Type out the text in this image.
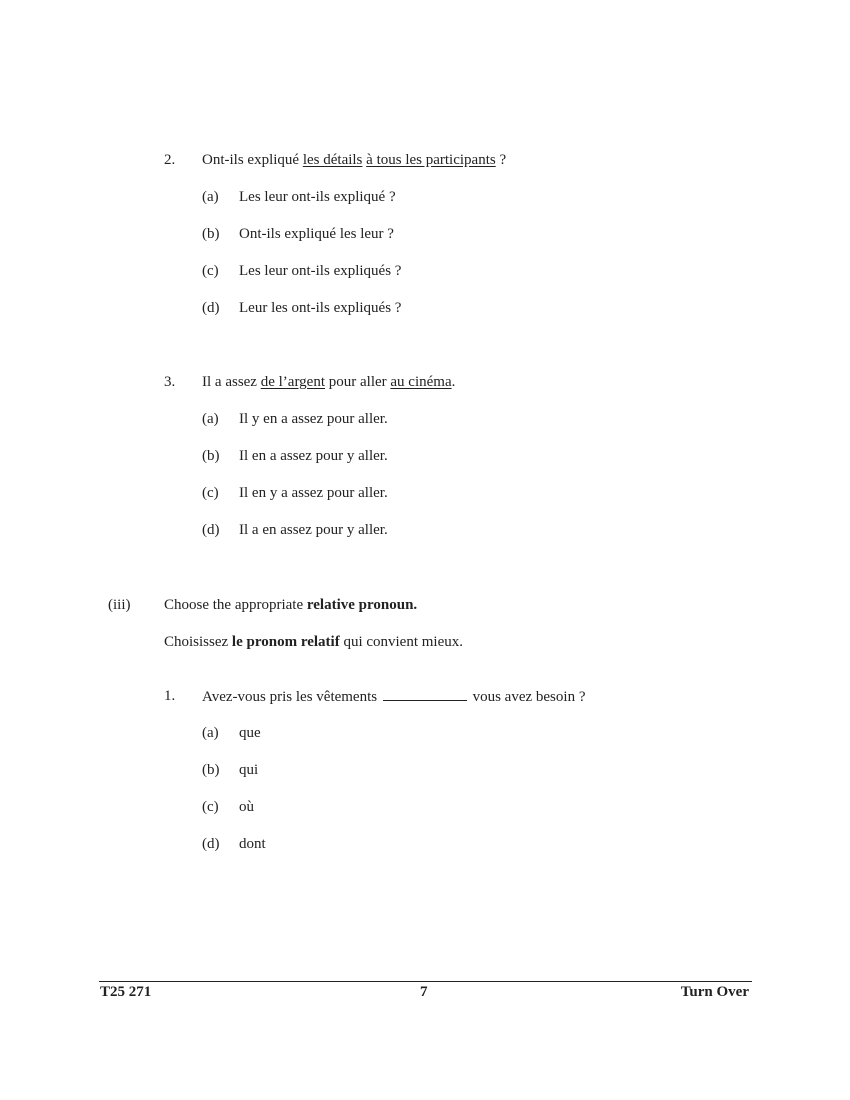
2. Ont-ils expliqué les détails à tous les participants ?
(a) Les leur ont-ils expliqué ?
(b) Ont-ils expliqué les leur ?
(c) Les leur ont-ils expliqués ?
(d) Leur les ont-ils expliqués ?
3. Il a assez de l’argent pour aller au cinéma.
(a) Il y en a assez pour aller.
(b) Il en a assez pour y aller.
(c) Il en y a assez pour aller.
(d) Il a en assez pour y aller.
(iii) Choose the appropriate relative pronoun.
Choisissez le pronom relatif qui convient mieux.
1. Avez-vous pris les vêtements	vous avez besoin ?
(a) que
(b) qui
(c) où
(d) dont
T25 271	7	Turn Over
